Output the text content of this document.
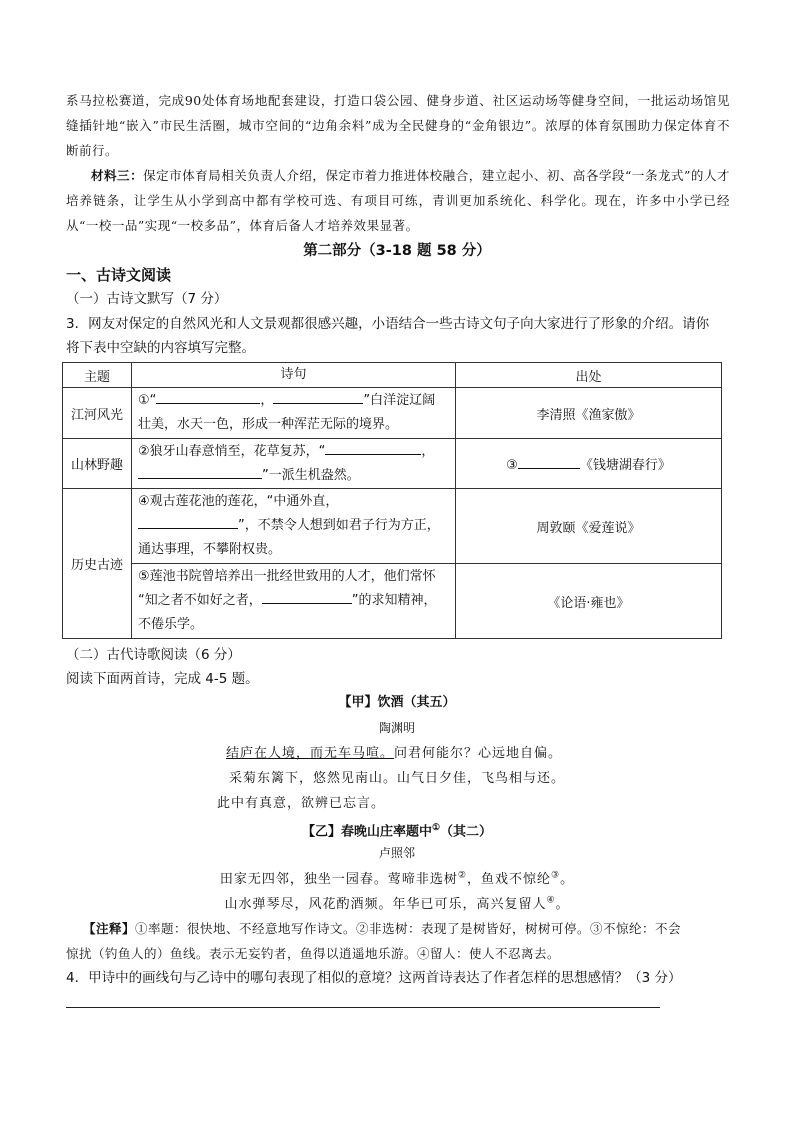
系马拉松赛道，完成90处体育场地配套建设，打造口袋公园、健身步道、社区运动场等健身空间，一批运动场馆见缝插针地“嵌入”市民生活圈，城市空间的“边角余料”成为全民健身的“金角银边”。浓厚的体育氛围助力保定体育不断前行。
材料三：保定市体育局相关负责人介绍，保定市着力推进体校融合，建立起小、初、高各学段“一条龙式”的人才培养链条，让学生从小学到高中都有学校可选、有项目可练，青训更加系统化、科学化。现在，许多中小学已经从“一校一品”实现“一校多品”，体育后备人才培养效果显著。
第二部分（3-18 题 58 分）
一、古诗文阅读
（一）古诗文默写（7 分）
3．网友对保定的自然风光和人文景观都很感兴趣，小语结合一些古诗文句子向大家进行了形象的介绍。请你
将下表中空缺的内容填写完整。
主题	诗句	出处
江河风光	①“ ， ”白洋淀辽阔
壮美，水天一色，形成一种浑茫无际的境界。	李清照《渔家傲》
山林野趣	②狼牙山春意悄至，花草复苏，“ ，
”一派生机盎然。	③ 《钱塘湖春行》
历史古迹	④观古莲花池的莲花，“中通外直，
”，不禁令人想到如君子行为方正，
通达事理，不攀附权贵。	周敦颐《爱莲说》
	⑤莲池书院曾培养出一批经世致用的人才，他们常怀
“知之者不如好之者， ”的求知精神，
不倦乐学。	《论语·雍也》
（二）古代诗歌阅读（6 分）
阅读下面两首诗，完成 4-5 题。
【甲】饮酒（其五）
陶渊明
结庐在人境，而无车马喧。问君何能尔？心远地自偏。
采菊东篱下，悠然见南山。山气日夕佳，飞鸟相与还。
此中有真意，欲辨已忘言。
【乙】春晚山庄率题中①（其二）
卢照邻
田家无四邻，独坐一园春。莺啼非选树②，鱼戏不惊纶③。
山水弹琴尽，风花酌酒频。年华已可乐，高兴复留人④。
【注释】①率题：很快地、不经意地写作诗文。②非选树：表现了是树皆好，树树可停。③不惊纶：不会
惊扰（钓鱼人的）鱼线。表示无妄钓者，鱼得以逍遥地乐游。④留人：使人不忍离去。
4．甲诗中的画线句与乙诗中的哪句表现了相似的意境？这两首诗表达了作者怎样的思想感情？（3 分）
